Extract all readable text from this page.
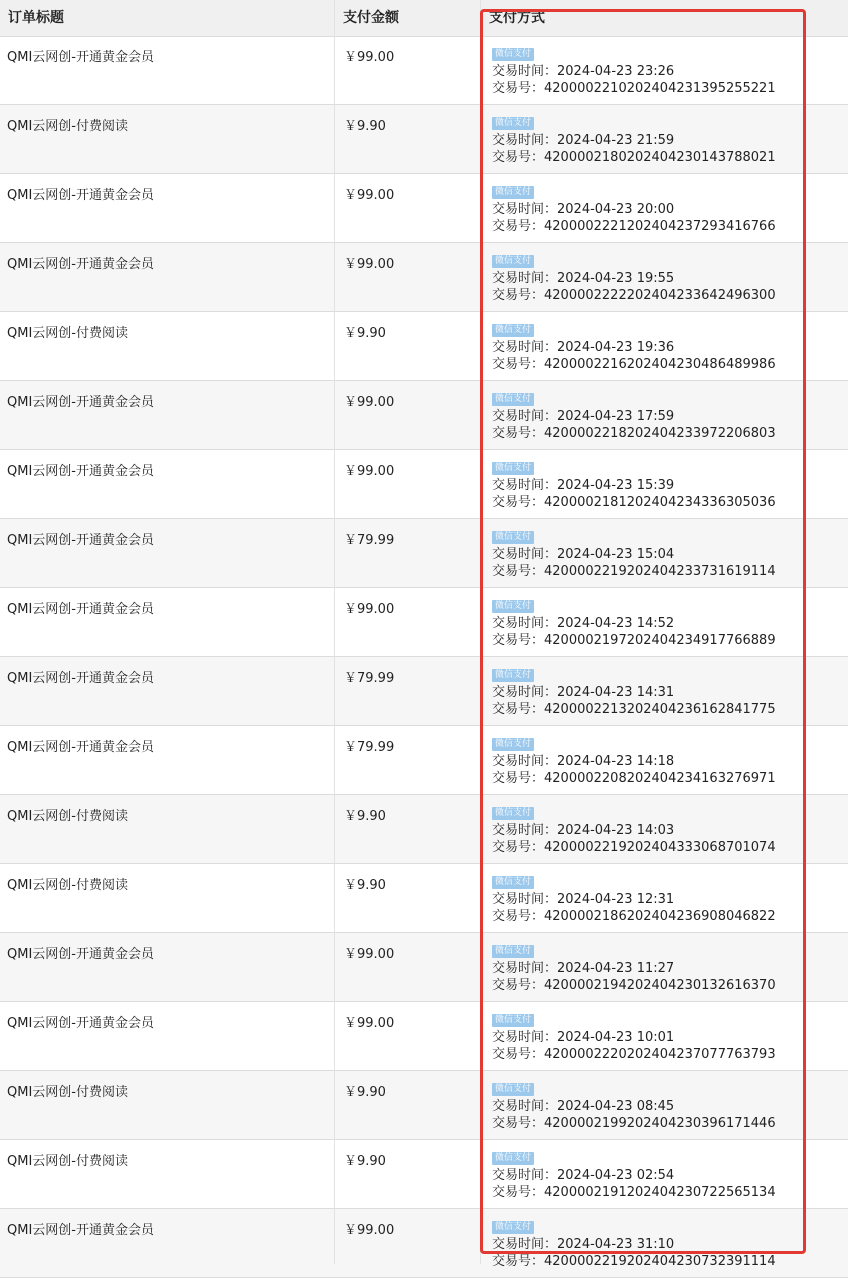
订单标题	支付金额	支付方式
QMI云网创-开通黄金会员	￥99.00	微信支付
交易时间：2024-04-23 23:26
交易号：4200002210202404231395255221
QMI云网创-付费阅读	￥9.90	微信支付
交易时间：2024-04-23 21:59
交易号：4200002180202404230143788021
QMI云网创-开通黄金会员	￥99.00	微信支付
交易时间：2024-04-23 20:00
交易号：4200002221202404237293416766
QMI云网创-开通黄金会员	￥99.00	微信支付
交易时间：2024-04-23 19:55
交易号：4200002222202404233642496300
QMI云网创-付费阅读	￥9.90	微信支付
交易时间：2024-04-23 19:36
交易号：4200002216202404230486489986
QMI云网创-开通黄金会员	￥99.00	微信支付
交易时间：2024-04-23 17:59
交易号：4200002218202404233972206803
QMI云网创-开通黄金会员	￥99.00	微信支付
交易时间：2024-04-23 15:39
交易号：4200002181202404234336305036
QMI云网创-开通黄金会员	￥79.99	微信支付
交易时间：2024-04-23 15:04
交易号：4200002219202404233731619114
QMI云网创-开通黄金会员	￥99.00	微信支付
交易时间：2024-04-23 14:52
交易号：4200002197202404234917766889
QMI云网创-开通黄金会员	￥79.99	微信支付
交易时间：2024-04-23 14:31
交易号：4200002213202404236162841775
QMI云网创-开通黄金会员	￥79.99	微信支付
交易时间：2024-04-23 14:18
交易号：4200002208202404234163276971
QMI云网创-付费阅读	￥9.90	微信支付
交易时间：2024-04-23 14:03
交易号：4200002219202404333068701074
QMI云网创-付费阅读	￥9.90	微信支付
交易时间：2024-04-23 12:31
交易号：4200002186202404236908046822
QMI云网创-开通黄金会员	￥99.00	微信支付
交易时间：2024-04-23 11:27
交易号：4200002194202404230132616370
QMI云网创-开通黄金会员	￥99.00	微信支付
交易时间：2024-04-23 10:01
交易号：4200002220202404237077763793
QMI云网创-付费阅读	￥9.90	微信支付
交易时间：2024-04-23 08:45
交易号：4200002199202404230396171446
QMI云网创-付费阅读	￥9.90	微信支付
交易时间：2024-04-23 02:54
交易号：4200002191202404230722565134
QMI云网创-开通黄金会员	￥99.00	微信支付
交易时间：2024-04-23 31:10
交易号：4200002219202404230732391114
